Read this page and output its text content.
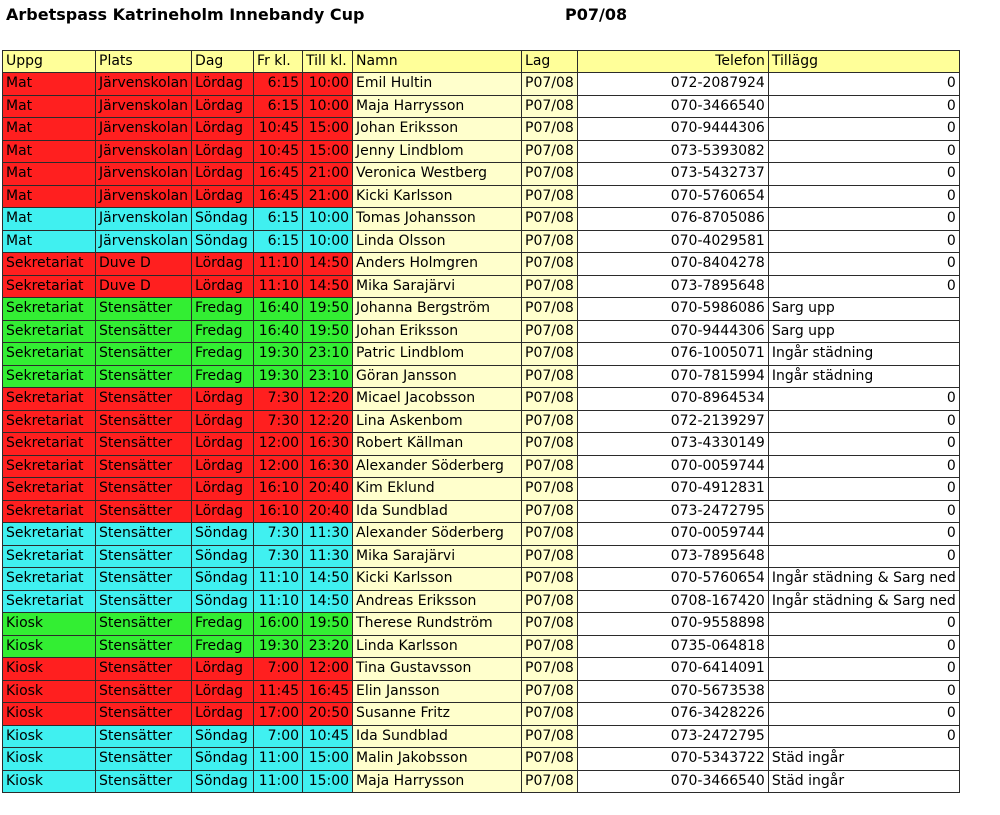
Arbetspass Katrineholm Innebandy Cup	P07/08
Uppg	Plats	Dag	Fr kl.	Till kl.	Namn	Lag	Telefon	Tillägg
Mat	Järvenskolan	Lördag	6:15	10:00	Emil Hultin	P07/08	072-2087924	0
Mat	Järvenskolan	Lördag	6:15	10:00	Maja Harrysson	P07/08	070-3466540	0
Mat	Järvenskolan	Lördag	10:45	15:00	Johan Eriksson	P07/08	070-9444306	0
Mat	Järvenskolan	Lördag	10:45	15:00	Jenny Lindblom	P07/08	073-5393082	0
Mat	Järvenskolan	Lördag	16:45	21:00	Veronica Westberg	P07/08	073-5432737	0
Mat	Järvenskolan	Lördag	16:45	21:00	Kicki Karlsson	P07/08	070-5760654	0
Mat	Järvenskolan	Söndag	6:15	10:00	Tomas Johansson	P07/08	076-8705086	0
Mat	Järvenskolan	Söndag	6:15	10:00	Linda Olsson	P07/08	070-4029581	0
Sekretariat	Duve D	Lördag	11:10	14:50	Anders Holmgren	P07/08	070-8404278	0
Sekretariat	Duve D	Lördag	11:10	14:50	Mika Sarajärvi	P07/08	073-7895648	0
Sekretariat	Stensätter	Fredag	16:40	19:50	Johanna Bergström	P07/08	070-5986086	Sarg upp
Sekretariat	Stensätter	Fredag	16:40	19:50	Johan Eriksson	P07/08	070-9444306	Sarg upp
Sekretariat	Stensätter	Fredag	19:30	23:10	Patric Lindblom	P07/08	076-1005071	Ingår städning
Sekretariat	Stensätter	Fredag	19:30	23:10	Göran Jansson	P07/08	070-7815994	Ingår städning
Sekretariat	Stensätter	Lördag	7:30	12:20	Micael Jacobsson	P07/08	070-8964534	0
Sekretariat	Stensätter	Lördag	7:30	12:20	Lina Askenbom	P07/08	072-2139297	0
Sekretariat	Stensätter	Lördag	12:00	16:30	Robert Källman	P07/08	073-4330149	0
Sekretariat	Stensätter	Lördag	12:00	16:30	Alexander Söderberg	P07/08	070-0059744	0
Sekretariat	Stensätter	Lördag	16:10	20:40	Kim Eklund	P07/08	070-4912831	0
Sekretariat	Stensätter	Lördag	16:10	20:40	Ida Sundblad	P07/08	073-2472795	0
Sekretariat	Stensätter	Söndag	7:30	11:30	Alexander Söderberg	P07/08	070-0059744	0
Sekretariat	Stensätter	Söndag	7:30	11:30	Mika Sarajärvi	P07/08	073-7895648	0
Sekretariat	Stensätter	Söndag	11:10	14:50	Kicki Karlsson	P07/08	070-5760654	Ingår städning & Sarg ned
Sekretariat	Stensätter	Söndag	11:10	14:50	Andreas Eriksson	P07/08	0708-167420	Ingår städning & Sarg ned
Kiosk	Stensätter	Fredag	16:00	19:50	Therese Rundström	P07/08	070-9558898	0
Kiosk	Stensätter	Fredag	19:30	23:20	Linda Karlsson	P07/08	0735-064818	0
Kiosk	Stensätter	Lördag	7:00	12:00	Tina Gustavsson	P07/08	070-6414091	0
Kiosk	Stensätter	Lördag	11:45	16:45	Elin Jansson	P07/08	070-5673538	0
Kiosk	Stensätter	Lördag	17:00	20:50	Susanne Fritz	P07/08	076-3428226	0
Kiosk	Stensätter	Söndag	7:00	10:45	Ida Sundblad	P07/08	073-2472795	0
Kiosk	Stensätter	Söndag	11:00	15:00	Malin Jakobsson	P07/08	070-5343722	Städ ingår
Kiosk	Stensätter	Söndag	11:00	15:00	Maja Harrysson	P07/08	070-3466540	Städ ingår
